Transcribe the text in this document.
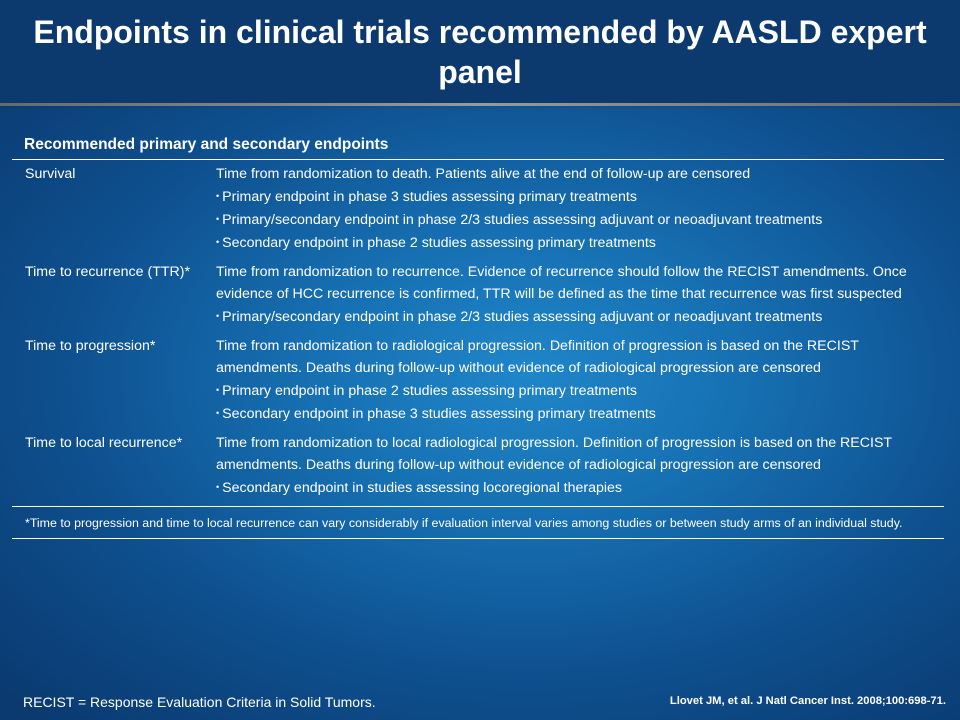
Endpoints in clinical trials recommended by AASLD expert panel
Recommended primary and secondary endpoints
Survival	Time from randomization to death. Patients alive at the end of follow-up are censored
• Primary endpoint in phase 3 studies assessing primary treatments
• Primary/secondary endpoint in phase 2/3 studies assessing adjuvant or neoadjuvant treatments
• Secondary endpoint in phase 2 studies assessing primary treatments
Time to recurrence (TTR)*	Time from randomization to recurrence. Evidence of recurrence should follow the RECIST amendments. Once evidence of HCC recurrence is confirmed, TTR will be defined as the time that recurrence was first suspected
• Primary/secondary endpoint in phase 2/3 studies assessing adjuvant or neoadjuvant treatments
Time to progression*	Time from randomization to radiological progression. Definition of progression is based on the RECIST amendments. Deaths during follow-up without evidence of radiological progression are censored
• Primary endpoint in phase 2 studies assessing primary treatments
• Secondary endpoint in phase 3 studies assessing primary treatments
Time to local recurrence*	Time from randomization to local radiological progression. Definition of progression is based on the RECIST amendments. Deaths during follow-up without evidence of radiological progression are censored
• Secondary endpoint in studies assessing locoregional therapies
*Time to progression and time to local recurrence can vary considerably if evaluation interval varies among studies or between study arms of an individual study.
RECIST = Response Evaluation Criteria in Solid Tumors.	Llovet JM, et al. J Natl Cancer Inst. 2008;100:698-71.
